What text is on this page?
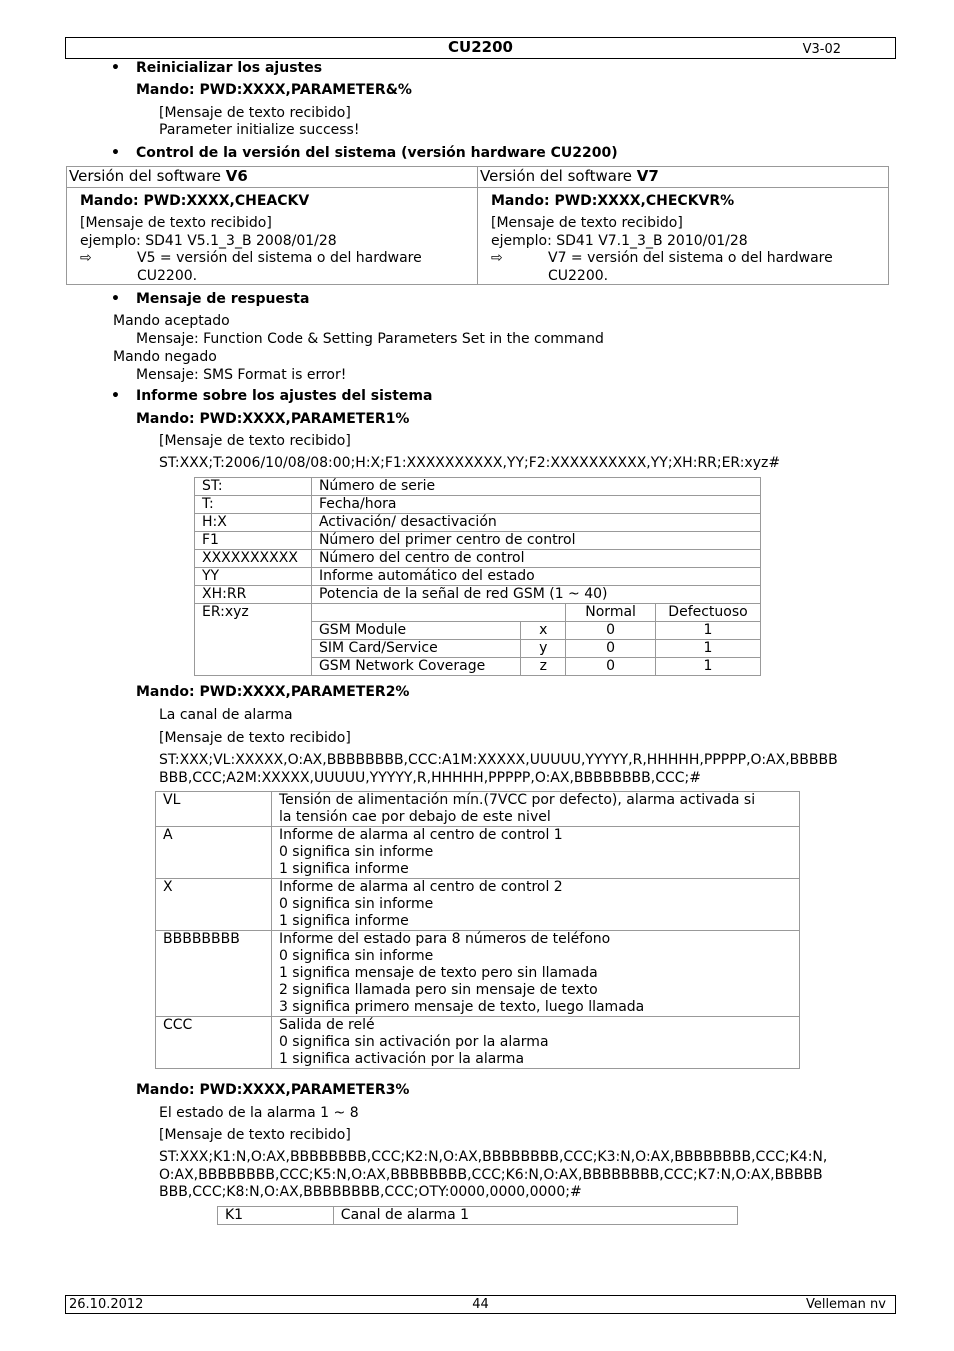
CU2200	V3-02
• Reinicializar los ajustes
Mando: PWD:XXXX,PARAMETER&%
[Mensaje de texto recibido]
Parameter initialize success!
• Control de la versión del sistema (versión hardware CU2200)
Versión del software V6
Mando: PWD:XXXX,CHEACKV
[Mensaje de texto recibido]
ejemplo: SD41 V5.1_3_B 2008/01/28
⇨	V5 = versión del sistema o del hardware
CU2200.
Versión del software V7
Mando: PWD:XXXX,CHECKVR%
[Mensaje de texto recibido]
ejemplo: SD41 V7.1_3_B 2010/01/28
⇨	V7 = versión del sistema o del hardware
CU2200.
• Mensaje de respuesta
Mando aceptado
Mensaje: Function Code & Setting Parameters Set in the command
Mando negado
Mensaje: SMS Format is error!
• Informe sobre los ajustes del sistema
Mando: PWD:XXXX,PARAMETER1%
[Mensaje de texto recibido]
ST:XXX;T:2006/10/08/08:00;H:X;F1:XXXXXXXXXX,YY;F2:XXXXXXXXXX,YY;XH:RR;ER:xyz#
ST:	Número de serie			
T:	Fecha/hora			
H:X	Activación/ desactivación			
F1	Número del primer centro de control			
XXXXXXXXXX	Número del centro de control			
YY	Informe automático del estado			
XH:RR	Potencia de la señal de red GSM (1 ~ 40)			
ER:xyz			Normal	Defectuoso
	GSM Module	x	0	1
	SIM Card/Service	y	0	1
	GSM Network Coverage	z	0	1
Mando: PWD:XXXX,PARAMETER2%
La canal de alarma
[Mensaje de texto recibido]
ST:XXX;VL:XXXXX,O:AX,BBBBBBBB,CCC:A1M:XXXXX,UUUUU,YYYYY,R,HHHHH,PPPPP,O:AX,BBBBB
BBB,CCC;A2M:XXXXX,UUUUU,YYYYY,R,HHHHH,PPPPP,O:AX,BBBBBBBB,CCC;#
VL	Tensión de alimentación mín.(7VCC por defecto), alarma activada si
la tensión cae por debajo de este nivel

A	Informe de alarma al centro de control 1
0 significa sin informe
1 significa informe

X	Informe de alarma al centro de control 2
0 significa sin informe
1 significa informe

BBBBBBBB	Informe del estado para 8 números de teléfono
0 significa sin informe
1 significa mensaje de texto pero sin llamada
2 significa llamada pero sin mensaje de texto
3 significa primero mensaje de texto, luego llamada

CCC	Salida de relé
0 significa sin activación por la alarma
1 significa activación por la alarma
Mando: PWD:XXXX,PARAMETER3%
El estado de la alarma 1 ~ 8
[Mensaje de texto recibido]
ST:XXX;K1:N,O:AX,BBBBBBBB,CCC;K2:N,O:AX,BBBBBBBB,CCC;K3:N,O:AX,BBBBBBBB,CCC;K4:N,
O:AX,BBBBBBBB,CCC;K5:N,O:AX,BBBBBBBB,CCC;K6:N,O:AX,BBBBBBBB,CCC;K7:N,O:AX,BBBBB
BBB,CCC;K8:N,O:AX,BBBBBBBB,CCC;OTY:0000,0000,0000;#
K1	Canal de alarma 1
26.10.2012	44	Velleman nv
